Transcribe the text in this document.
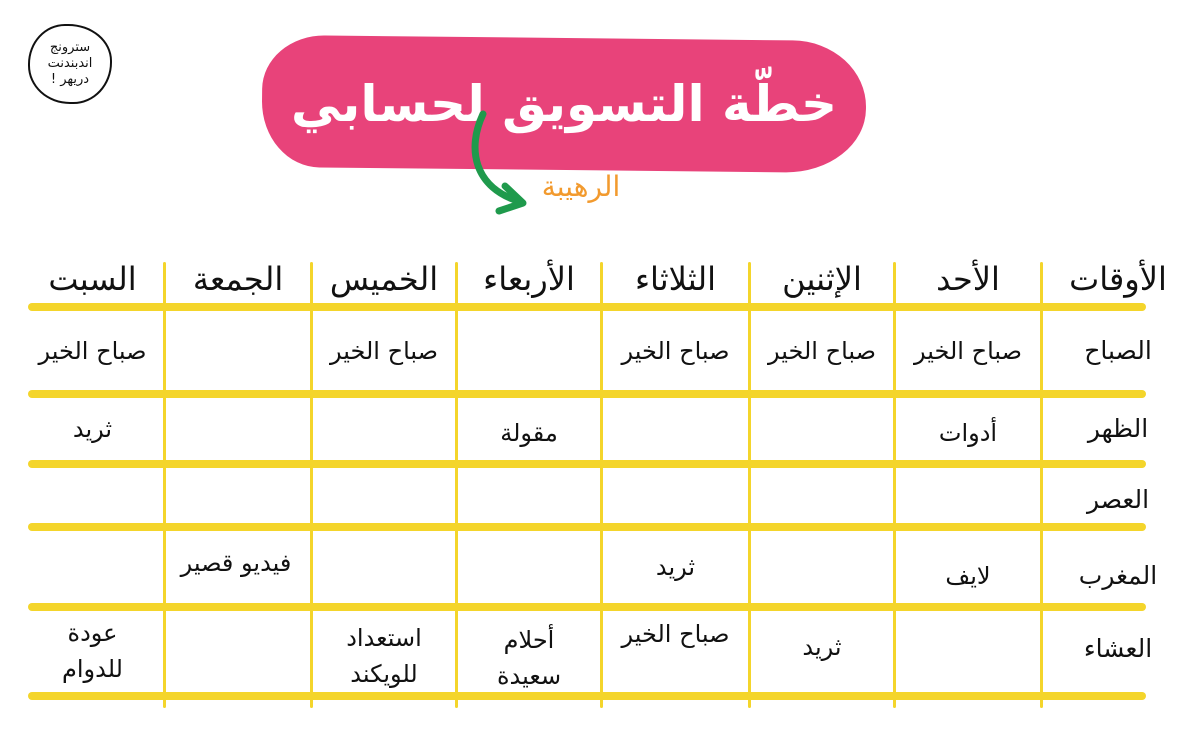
سترونج
اندبندنت
دريهر !	خطّة التسويق لحسابي
الرهيبة
الأوقات
الأحد
الإثنين
الثلاثاء
الأربعاء
الخميس
الجمعة
السبت
الصباح
صباح الخير
صباح الخير
صباح الخير
صباح الخير
صباح الخير
الظهر
أدوات
مقولة
ثريد
العصر
المغرب
لايف
ثريد
فيديو قصير
العشاء
ثريد
صباح الخير
أحلام
سعيدة
استعداد
للويكند
عودة
للدوام
